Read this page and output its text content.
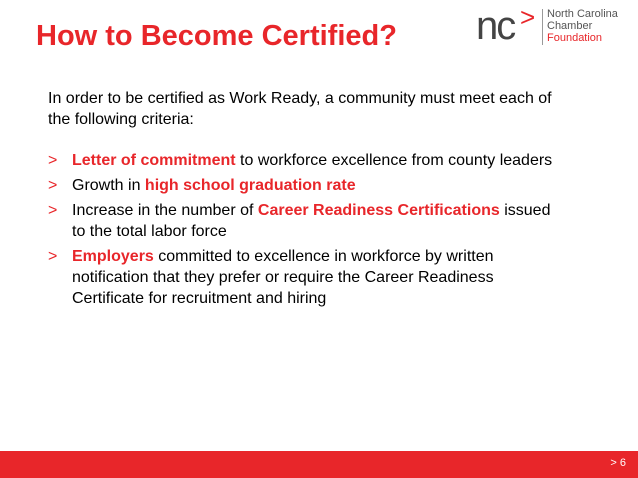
How to Become Certified? nc > North Carolina
Chamber
Foundation

In order to be certified as Work Ready, a community must meet each of the following criteria:

> Letter of commitment to workforce excellence from county leaders
> Growth in high school graduation rate
> Increase in the number of Career Readiness Certifications issued to the total labor force
> Employers committed to excellence in workforce by written notification that they prefer or require the Career Readiness Certificate for recruitment and hiring
> 6
